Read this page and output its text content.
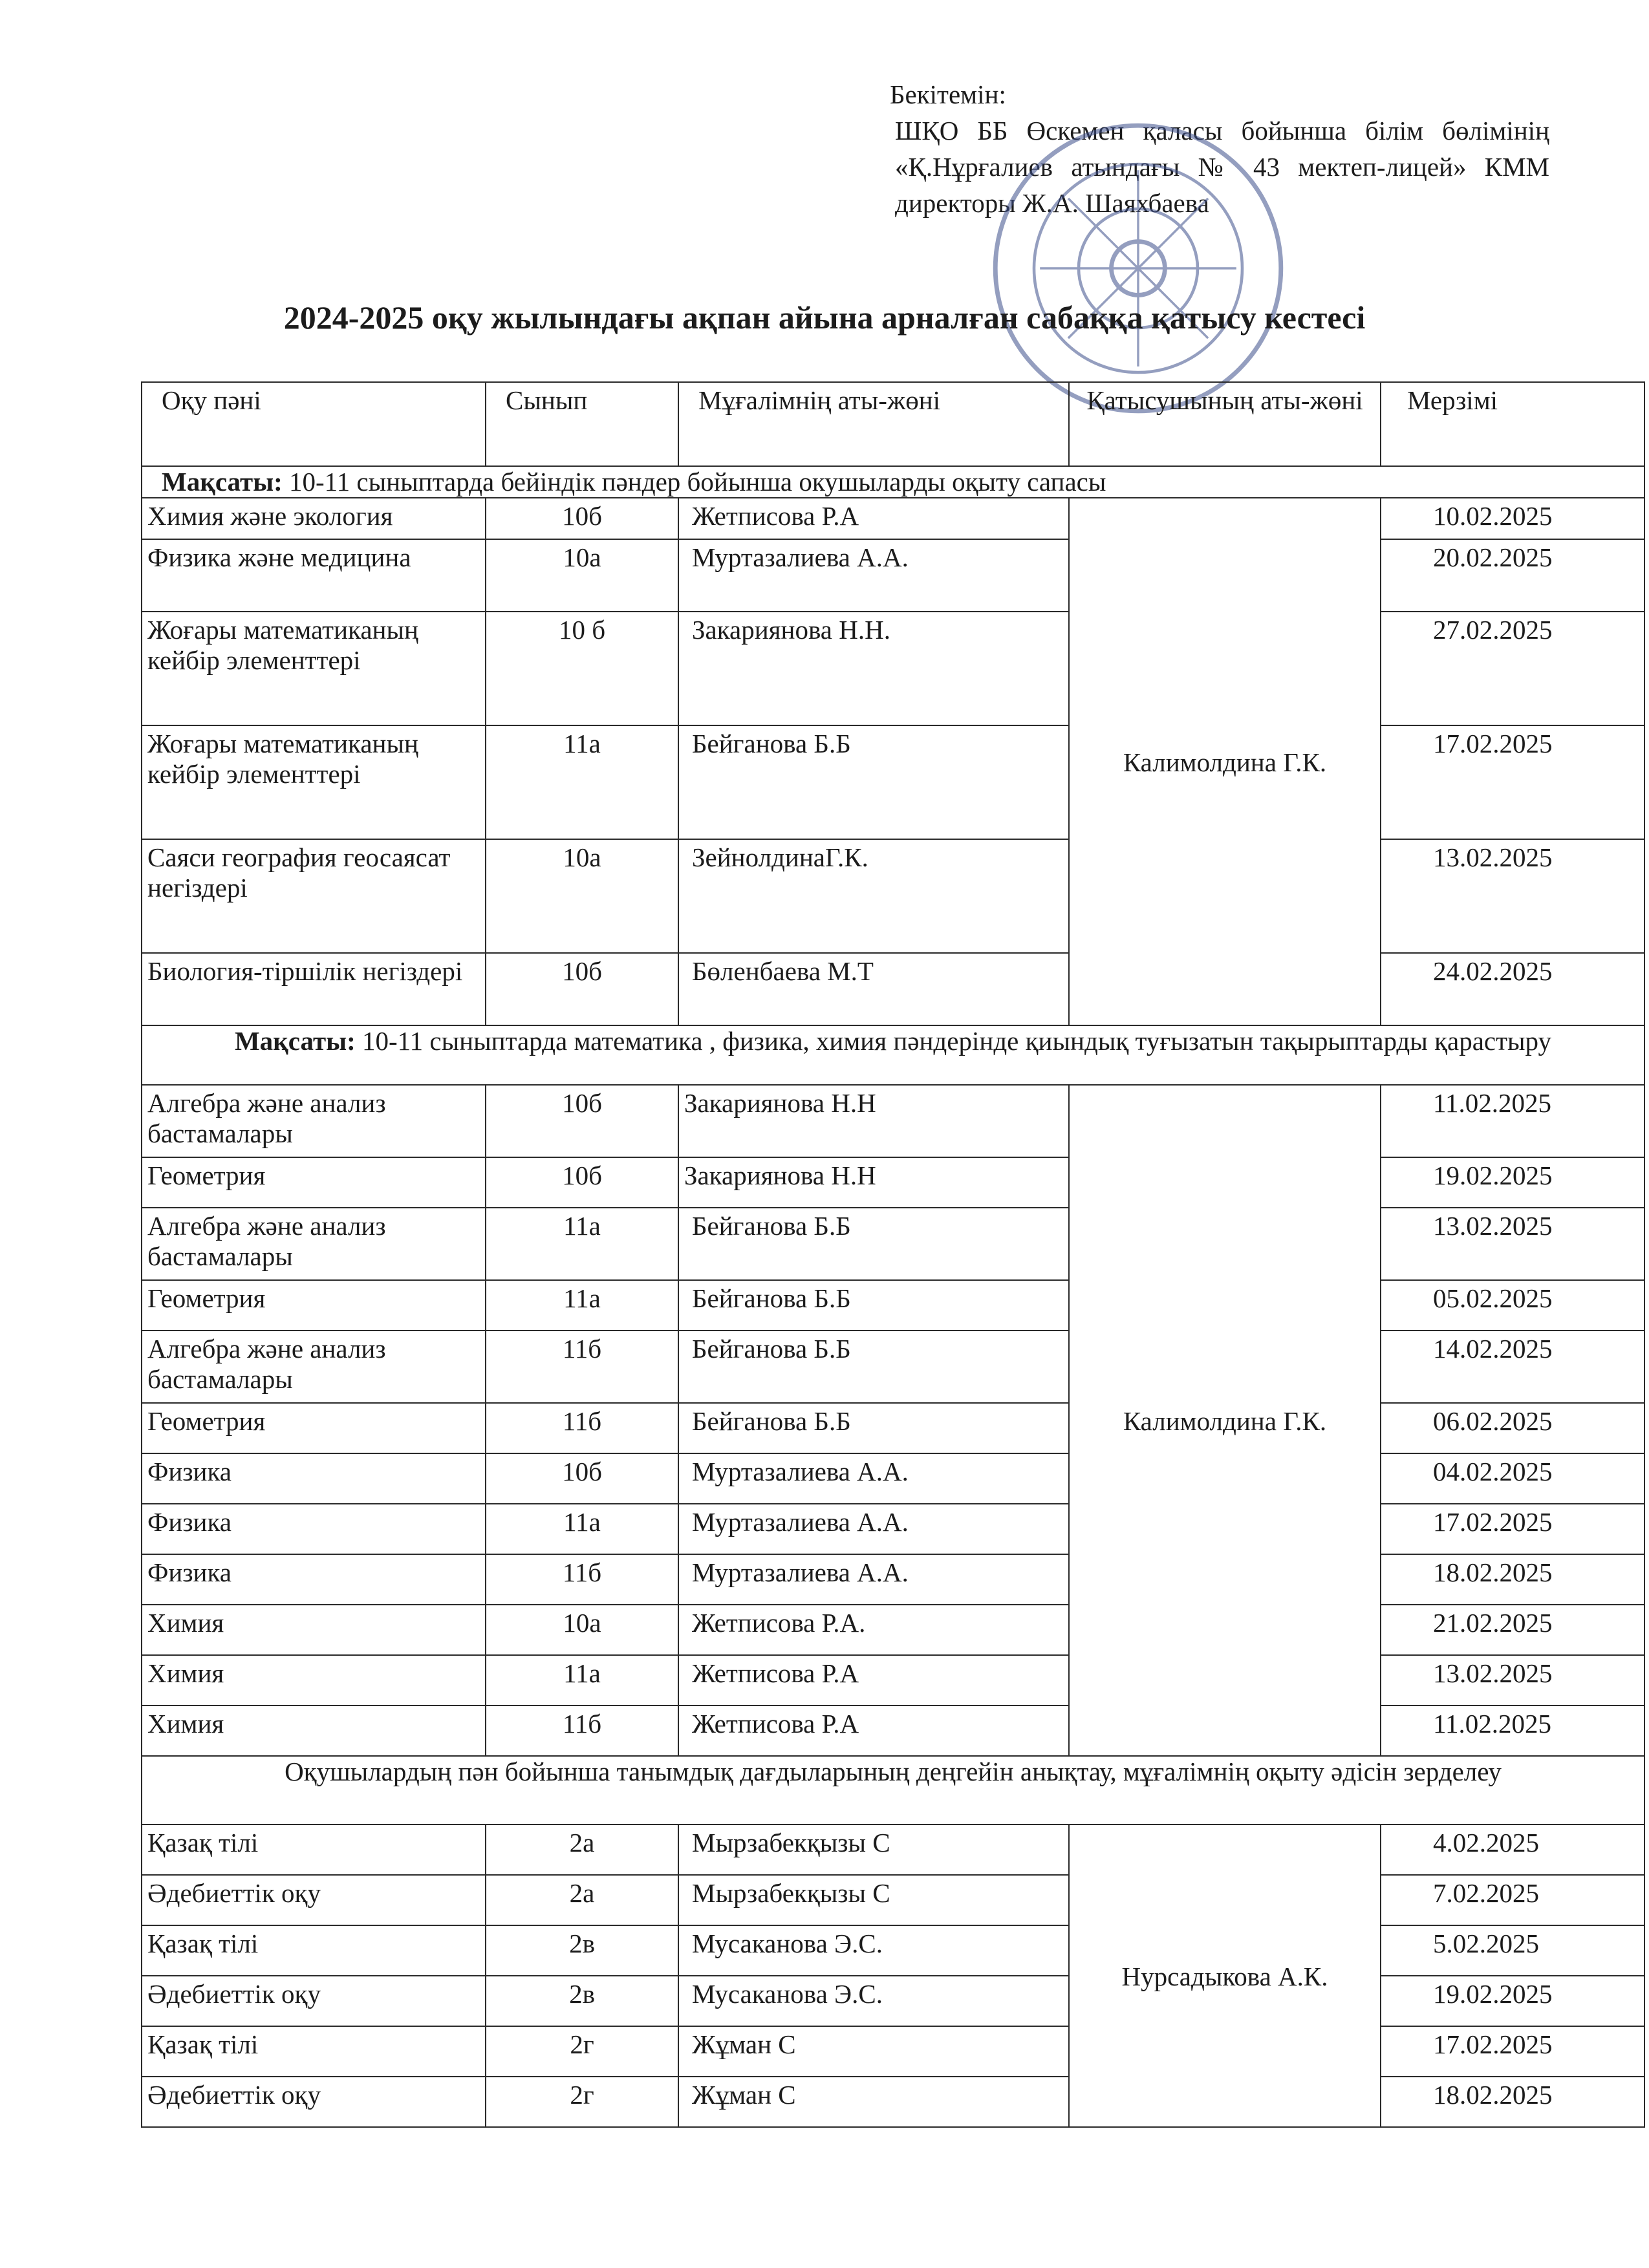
Бекітемін:
ШҚО ББ Өскемен қаласы бойынша білім бөлімінің «Қ.Нұрғалиев атындағы № 43 мектеп-лицей» КММ директоры Ж.А. Шаяхбаева
2024-2025 оқу жылындағы ақпан айына арналған сабаққа қатысу кестесі
Оқу пәні	Сынып	Мұғалімнің аты-жөні	Қатысушының аты-жөні	Мерзімі
Мақсаты: 10-11 сыныптарда бейіндік пәндер бойынша окушыларды оқыту сапасы				
Химия және экология	10б	Жетписова Р.А	Калимолдина Г.К.	10.02.2025
Физика және медицина	10а	Муртазалиева А.А.		20.02.2025
Жоғары математиканың кейбір элементтері	10 б	Закариянова Н.Н.		27.02.2025
Жоғары математиканың кейбір элементтері	11а	Бейганова Б.Б		17.02.2025
Саяси география геосаясат негіздері	10а	ЗейнолдинаГ.К.		13.02.2025
Биология-тіршілік негіздері	10б	Бөленбаева М.Т		24.02.2025
Мақсаты: 10-11 сыныптарда математика , физика, химия пәндерінде қиындық туғызатын тақырыптарды қарастыру				
Алгебра және анализ бастамалары	10б	Закариянова Н.Н	Калимолдина Г.К.	11.02.2025
Геометрия	10б	Закариянова Н.Н		19.02.2025
Алгебра және анализ бастамалары	11а	Бейганова Б.Б		13.02.2025
Геометрия	11а	Бейганова Б.Б		05.02.2025
Алгебра және анализ бастамалары	11б	Бейганова Б.Б		14.02.2025
Геометрия	11б	Бейганова Б.Б		06.02.2025
Физика	10б	Муртазалиева А.А.		04.02.2025
Физика	11а	Муртазалиева А.А.		17.02.2025
Физика	11б	Муртазалиева А.А.		18.02.2025
Химия	10а	Жетписова Р.А.		21.02.2025
Химия	11а	Жетписова Р.А		13.02.2025
Химия	11б	Жетписова Р.А		11.02.2025
Оқушылардың пән бойынша танымдық дағдыларының деңгейін анықтау, мұғалімнің оқыту әдісін зерделеу				
Қазақ тілі	2а	Мырзабекқызы С	Нурсадыкова А.К.	4.02.2025
Әдебиеттік оқу	2а	Мырзабекқызы С		7.02.2025
Қазақ тілі	2в	Мусаканова Э.С.		5.02.2025
Әдебиеттік оқу	2в	Мусаканова Э.С.		19.02.2025
Қазақ тілі	2г	Жұман С		17.02.2025
Әдебиеттік оқу	2г	Жұман С		18.02.2025
